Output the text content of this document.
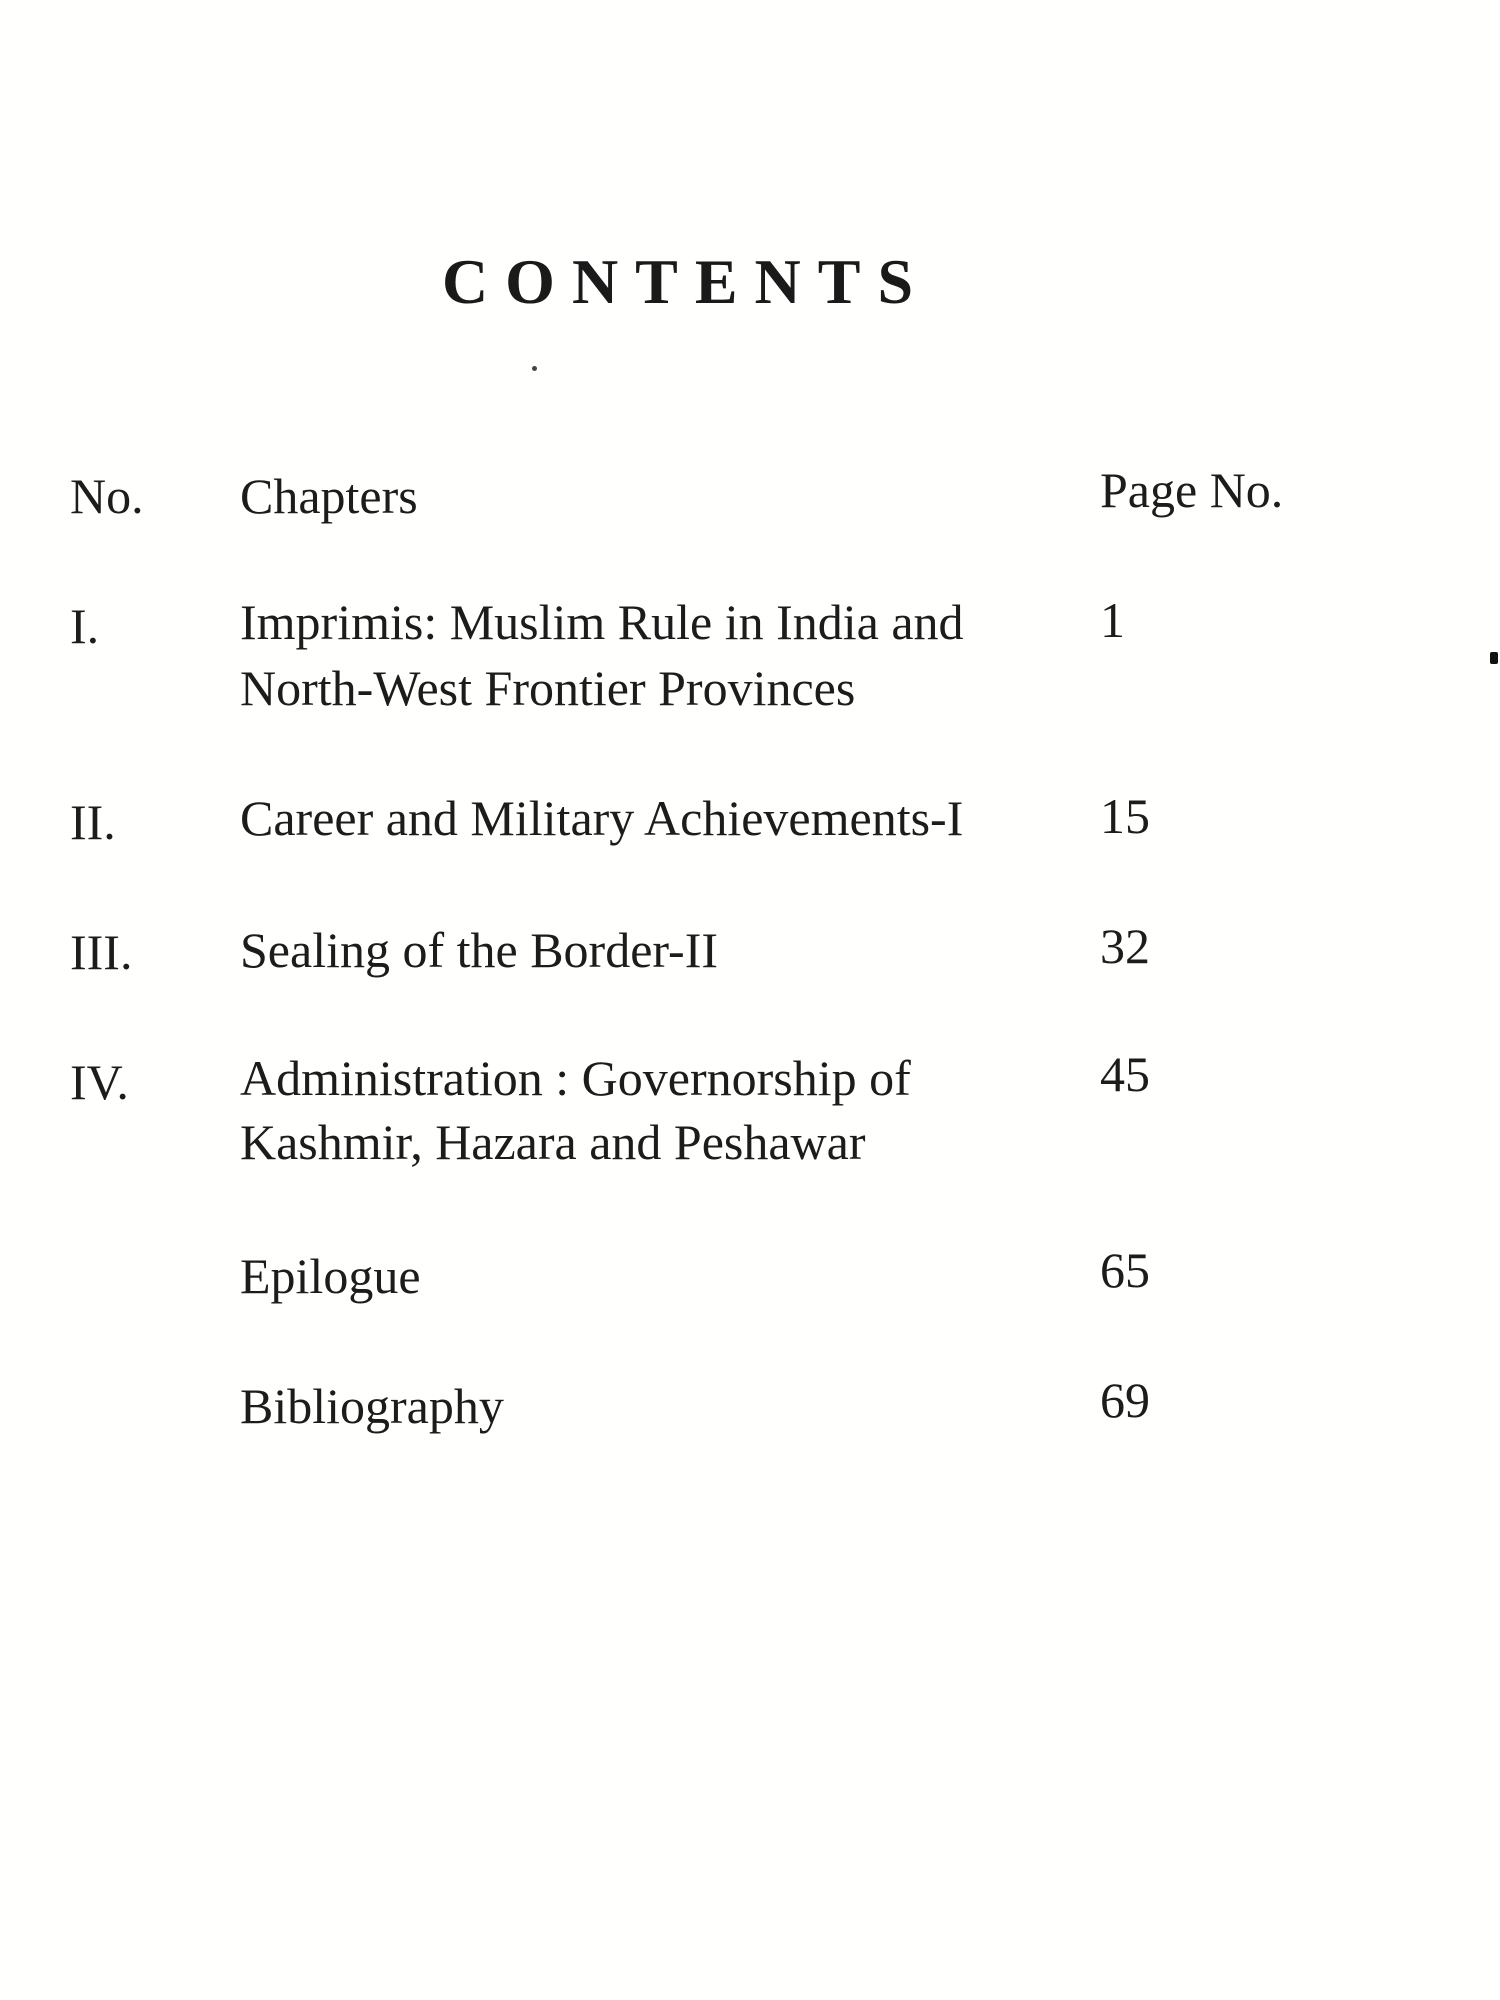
CONTENTS
No. Chapters	Page No.
I.	Imprimis: Muslim Rule in India and
North-West Frontier Provinces
1
II. Career and Military Achievements-I	15
III. Sealing of the Border-II	32
IV. Administration : Governorship of
Kashmir, Hazara and Peshawar
45
Epilogue	65
Bibliography	69
